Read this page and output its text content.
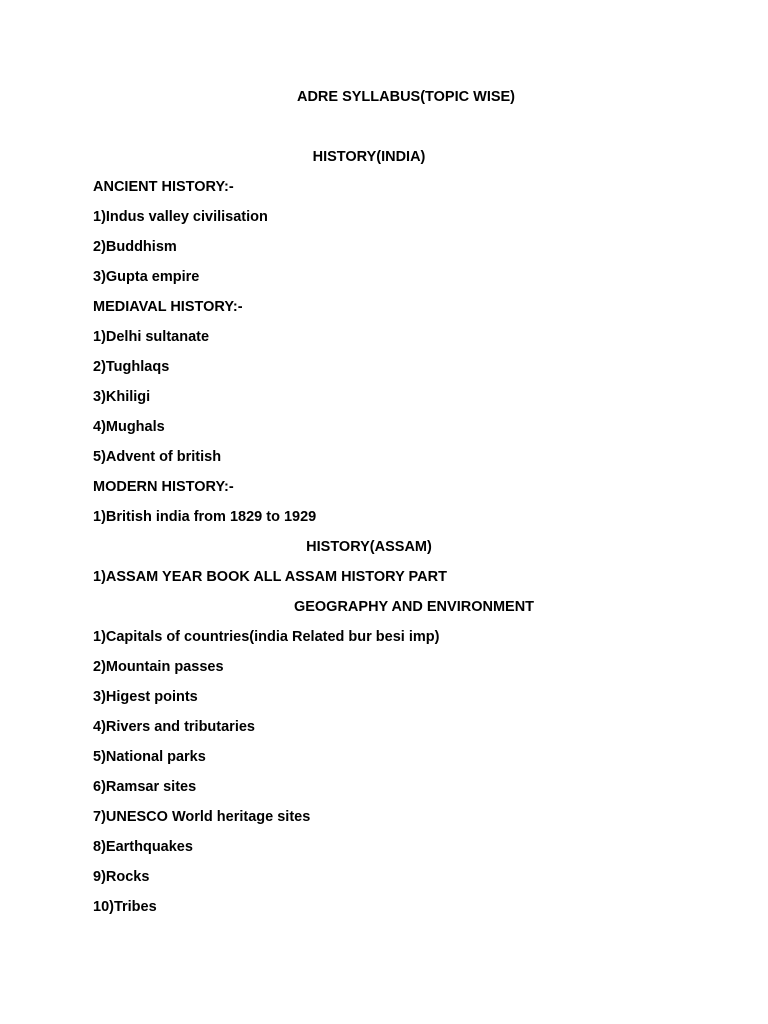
ADRE SYLLABUS(TOPIC WISE)
HISTORY(INDIA)
ANCIENT HISTORY:-
1)Indus valley civilisation
2)Buddhism
3)Gupta empire
MEDIAVAL HISTORY:-
1)Delhi sultanate
2)Tughlaqs
3)Khiligi
4)Mughals
5)Advent of british
MODERN HISTORY:-
1)British india from 1829 to 1929
HISTORY(ASSAM)
1)ASSAM YEAR BOOK ALL ASSAM HISTORY PART
GEOGRAPHY AND ENVIRONMENT
1)Capitals of countries(india Related bur besi imp)
2)Mountain passes
3)Higest points
4)Rivers and tributaries
5)National parks
6)Ramsar sites
7)UNESCO World heritage sites
8)Earthquakes
9)Rocks
10)Tribes
